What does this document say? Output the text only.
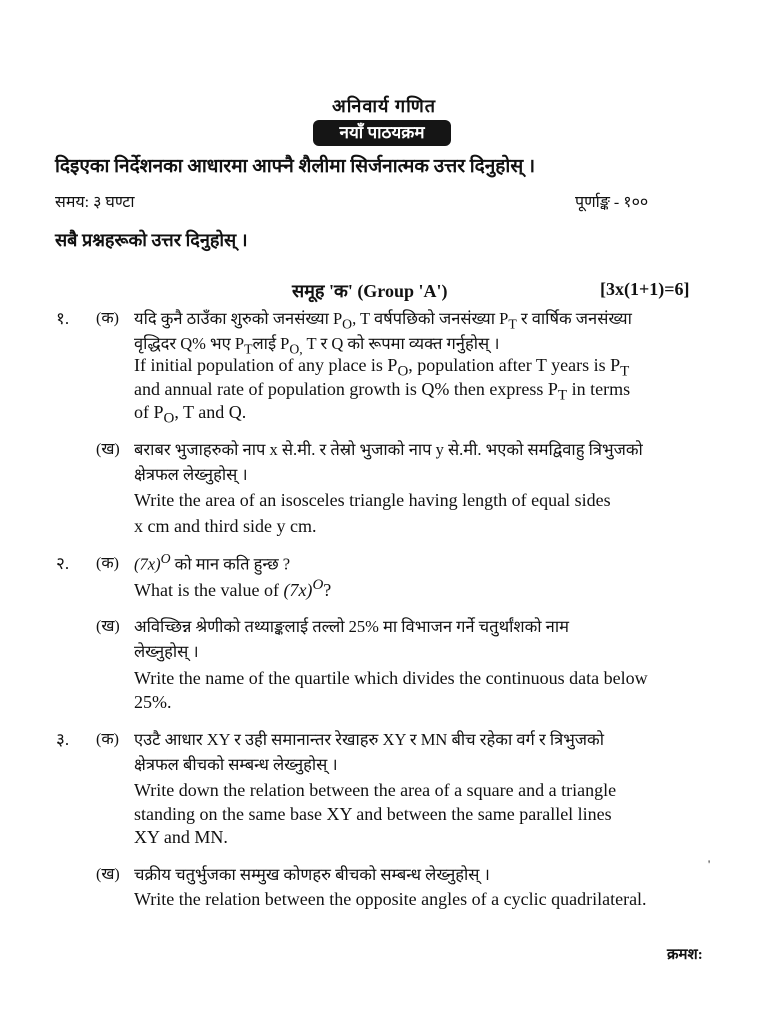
अनिवार्य गणित
नयाँ पाठयक्रम
दिइएका निर्देशनका आधारमा आफ्नै शैलीमा सिर्जनात्मक उत्तर दिनुहोस् ।
समय: ३ घण्टा	पूर्णाङ्क - १००
सबै प्रश्नहरूको उत्तर दिनुहोस् ।
समूह 'क' (Group 'A')	[3x(1+1)=6]
१. (क) यदि कुनै ठाउँका शुरुको जनसंख्या $P_O$, T वर्षपछिको जनसंख्या $P_T$ र वार्षिक जनसंख्या
वृद्धिदर Q% भए $P_Tलाई$ $P_{O,}$ T र Q को रूपमा व्यक्त गर्नुहोस् ।
If initial population of any place is $P_O$, population after T years is $P_T$
and annual rate of population growth is Q% then express $P_T$ in terms
of $P_O$, T and Q.
(ख) बराबर भुजाहरुको नाप x से.मी. र तेस्रो भुजाको नाप y से.मी. भएको समद्विवाहु त्रिभुजको
क्षेत्रफल लेख्नुहोस् ।
Write the area of an isosceles triangle having length of equal sides
x cm and third side y cm.
२. (क) $(7x)^O$ को मान कति हुन्छ ?
What is the value of $(7x)^O$?
(ख) अविच्छिन्न श्रेणीको तथ्याङ्कलाई तल्लो 25% मा विभाजन गर्ने चतुर्थांशको नाम
लेख्नुहोस् ।
Write the name of the quartile which divides the continuous data below
25%.
३. (क) एउटै आधार XY र उही समानान्तर रेखाहरु XY र MN बीच रहेका वर्ग र त्रिभुजको
क्षेत्रफल बीचको सम्बन्ध लेख्नुहोस् ।
Write down the relation between the area of a square and a triangle
standing on the same base XY and between the same parallel lines
XY and MN.
(ख) चक्रीय चतुर्भुजका सम्मुख कोणहरु बीचको सम्बन्ध लेख्नुहोस् ।
Write the relation between the opposite angles of a cyclic quadrilateral.
'
क्रमश:
